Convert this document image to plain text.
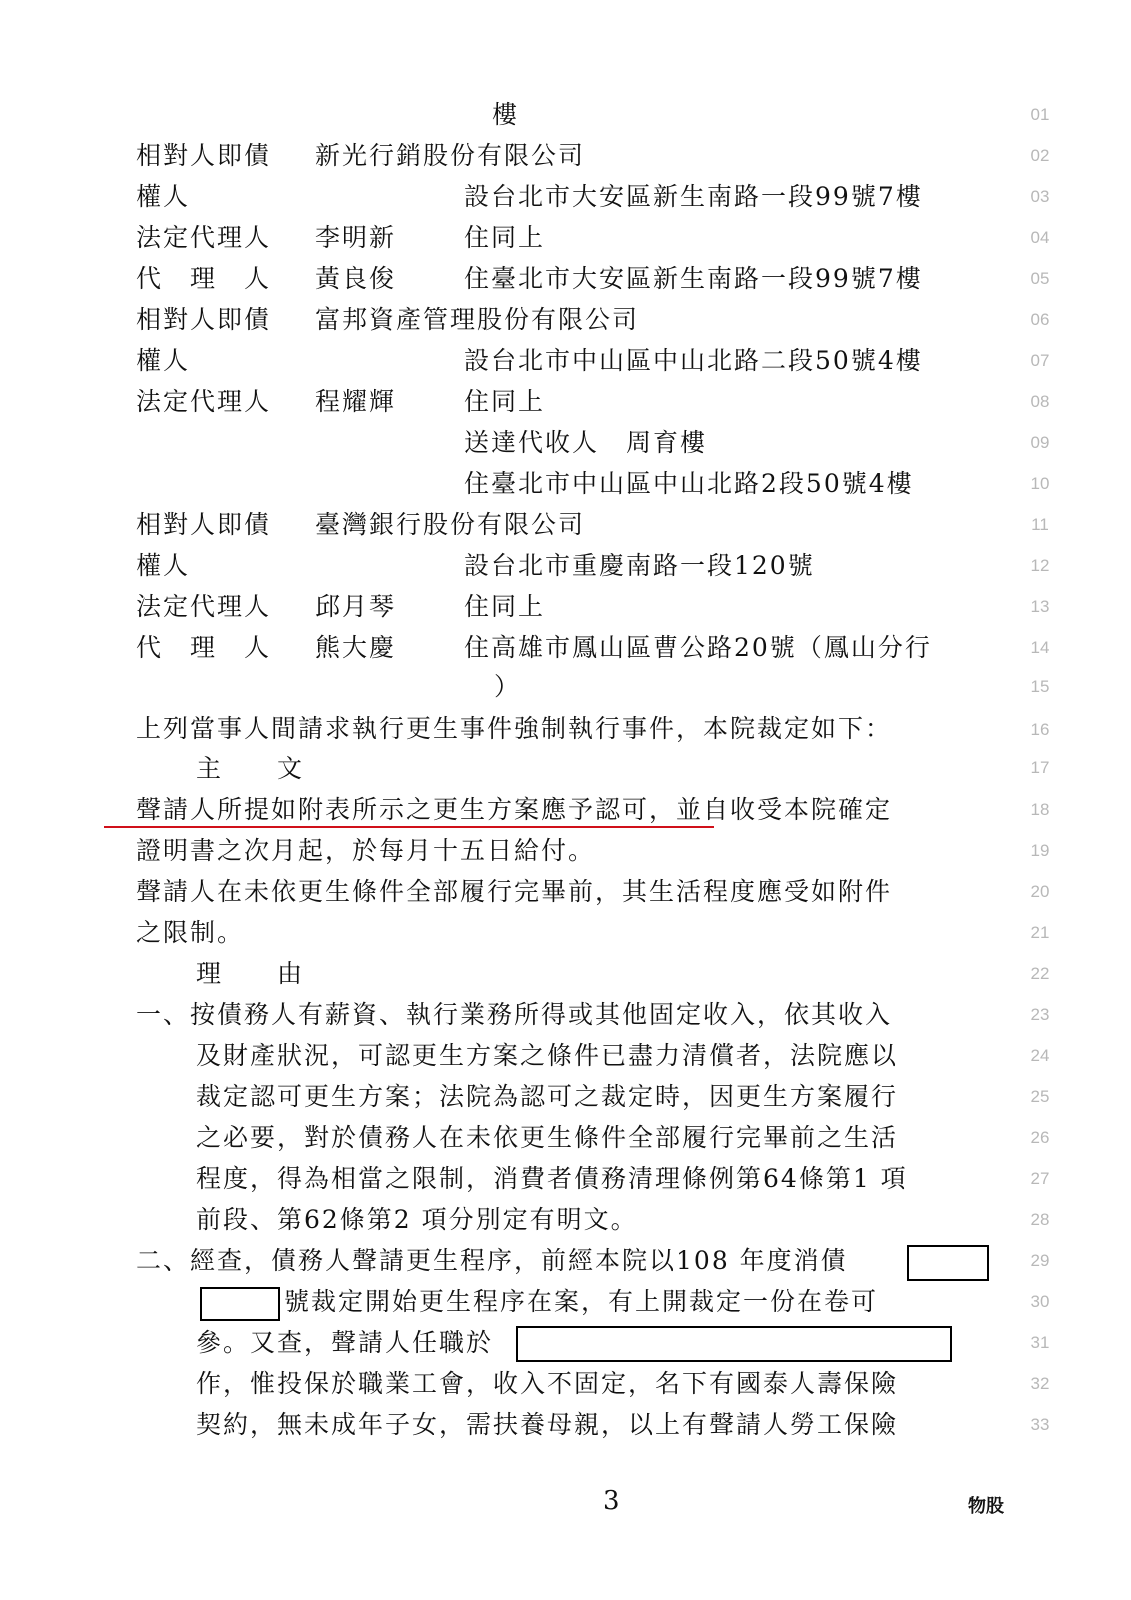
01
02
03
04
05
06
07
08
09
10
11
12
13
14
15
16
17
18
19
20
21
22
23
24
25
26
27
28
29
30
31
32
33
樓
相對人即債 新光行銷股份有限公司
權人	設台北市大安區新生南路一段99號7樓
法定代理人 李明新	住同上
代　理　人 黃良俊	住臺北市大安區新生南路一段99號7樓
相對人即債 富邦資產管理股份有限公司
權人	設台北市中山區中山北路二段50號4樓
法定代理人 程耀輝	住同上
送達代收人　周育樓
住臺北市中山區中山北路2段50號4樓
相對人即債 臺灣銀行股份有限公司
權人	設台北市重慶南路一段120號
法定代理人 邱月琴	住同上
代　理　人 熊大慶	住高雄市鳳山區曹公路20號（鳳山分行
）
上列當事人間請求執行更生事件強制執行事件，本院裁定如下：
主　　文
聲請人所提如附表所示之更生方案應予認可，並自收受本院確定
證明書之次月起，於每月十五日給付。
聲請人在未依更生條件全部履行完畢前，其生活程度應受如附件
之限制。
理　　由
一、按債務人有薪資、執行業務所得或其他固定收入，依其收入
及財產狀況，可認更生方案之條件已盡力清償者，法院應以
裁定認可更生方案；法院為認可之裁定時，因更生方案履行
之必要，對於債務人在未依更生條件全部履行完畢前之生活
程度，得為相當之限制，消費者債務清理條例第64條第1 項
前段、第62條第2 項分別定有明文。
二、經查，債務人聲請更生程序，前經本院以108 年度消債
號裁定開始更生程序在案，有上開裁定一份在卷可
參。又查，聲請人任職於
作，惟投保於職業工會，收入不固定，名下有國泰人壽保險
契約，無未成年子女，需扶養母親，以上有聲請人勞工保險
3	物股
